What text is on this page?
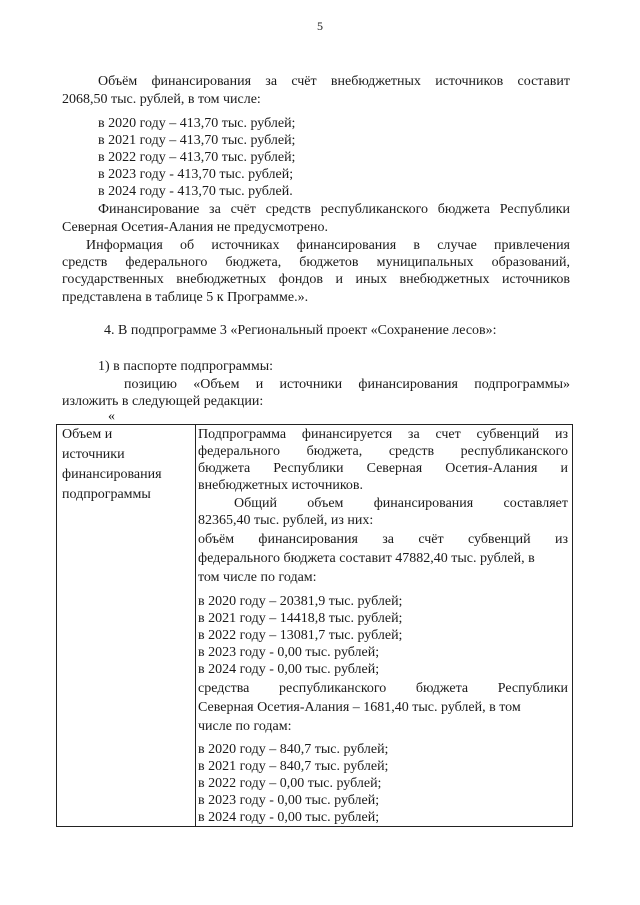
5
Объём финансирования за счёт внебюджетных источников составит
2068,50 тыс. рублей, в том числе:
в 2020 году – 413,70 тыс. рублей;
в 2021 году – 413,70 тыс. рублей;
в 2022 году – 413,70 тыс. рублей;
в 2023 году - 413,70 тыс. рублей;
в 2024 году - 413,70 тыс. рублей.
Финансирование за счёт средств республиканского бюджета Республики
Северная Осетия-Алания не предусмотрено.
Информация об источниках финансирования в случае привлечения
средств федерального бюджета, бюджетов муниципальных образований,
государственных внебюджетных фондов и иных внебюджетных источников
представлена в таблице 5 к Программе.».
4. В подпрограмме 3 «Региональный проект «Сохранение лесов»:
1) в паспорте подпрограммы:
позицию «Объем и источники финансирования подпрограммы»
изложить в следующей редакции:
«
Объем и
источники
финансирования
подпрограммы
Подпрограмма финансируется за счет субвенций из
федерального бюджета, средств республиканского
бюджета Республики Северная Осетия-Алания и
внебюджетных источников.
Общий объем финансирования составляет
82365,40 тыс. рублей, из них:
объём финансирования за счёт субвенций из
федерального бюджета составит 47882,40 тыс. рублей, в
том числе по годам:
в 2020 году – 20381,9 тыс. рублей;
в 2021 году – 14418,8 тыс. рублей;
в 2022 году – 13081,7 тыс. рублей;
в 2023 году - 0,00 тыс. рублей;
в 2024 году - 0,00 тыс. рублей;
средства республиканского бюджета Республики
Северная Осетия-Алания – 1681,40 тыс. рублей, в том
числе по годам:
в 2020 году – 840,7 тыс. рублей;
в 2021 году – 840,7 тыс. рублей;
в 2022 году – 0,00 тыс. рублей;
в 2023 году - 0,00 тыс. рублей;
в 2024 году - 0,00 тыс. рублей;
